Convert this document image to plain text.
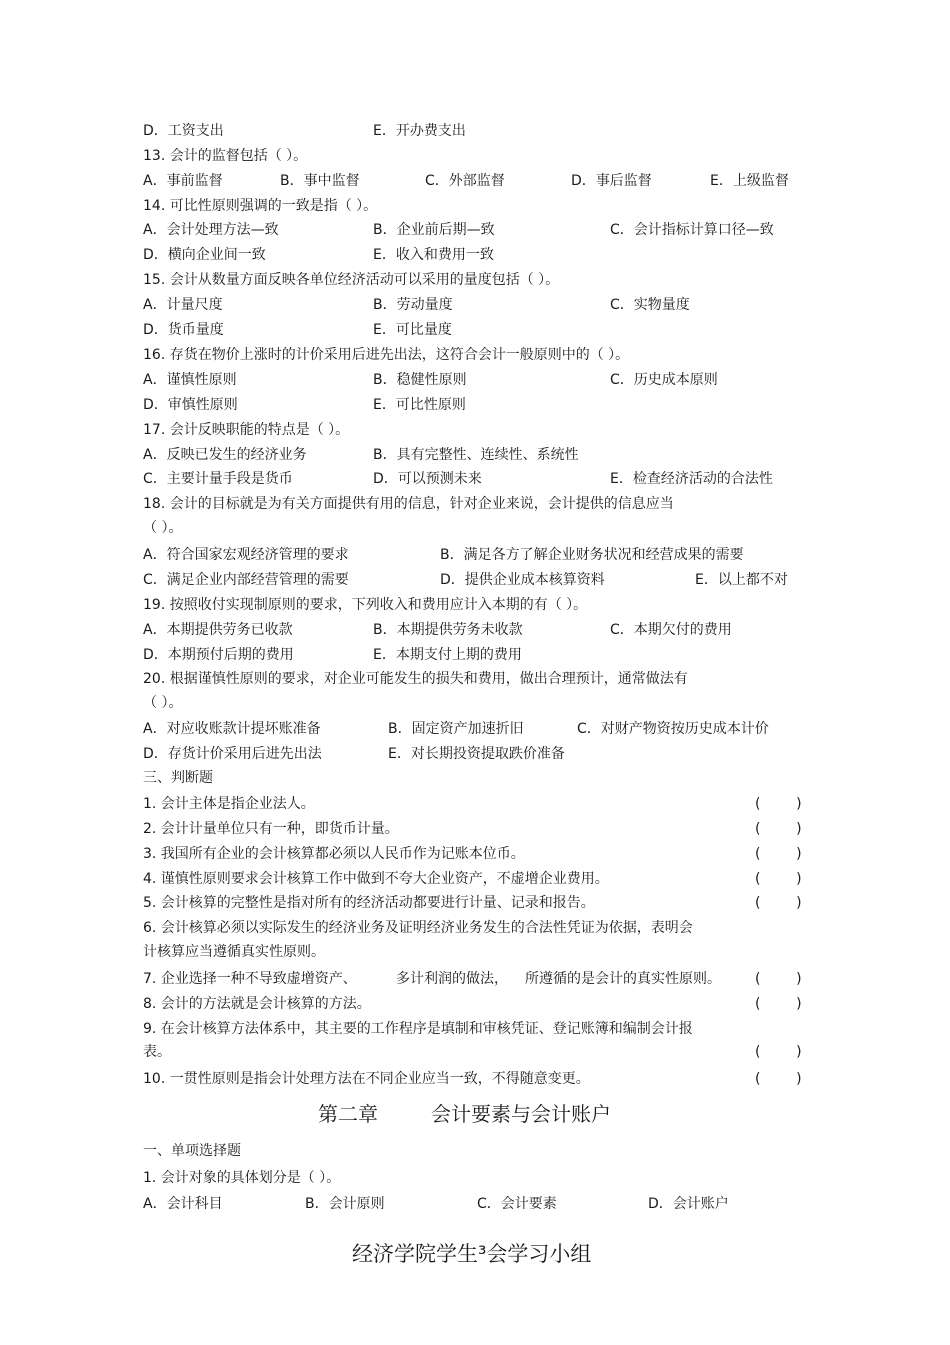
D．工资支出	E．开办费支出
13. 会计的监督包括（ ）。
A．事前监督	B．事中监督	C．外部监督	D．事后监督	E．上级监督
14. 可比性原则强调的一致是指（ ）。
A．会计处理方法—致	B．企业前后期—致	C．会计指标计算口径—致
D．横向企业间一致	E．收入和费用一致
15. 会计从数量方面反映各单位经济活动可以采用的量度包括（ ）。
A．计量尺度	B．劳动量度	C．实物量度
D．货币量度	E．可比量度
16. 存货在物价上涨时的计价采用后进先出法，这符合会计一般原则中的（ ）。
A．谨慎性原则	B．稳健性原则	C．历史成本原则
D．审慎性原则	E．可比性原则
17. 会计反映职能的特点是（ ）。
A．反映已发生的经济业务	B．具有完整性、连续性、系统性
C．主要计量手段是货币	D．可以预测未来	E．检查经济活动的合法性
18. 会计的目标就是为有关方面提供有用的信息，针对企业来说，会计提供的信息应当
（ ）。
A．符合国家宏观经济管理的要求	B．满足各方了解企业财务状况和经营成果的需要
C．满足企业内部经营管理的需要	D．提供企业成本核算资料	E．以上都不对
19. 按照收付实现制原则的要求，下列收入和费用应计入本期的有（ ）。
A．本期提供劳务已收款	B．本期提供劳务未收款	C．本期欠付的费用
D．本期预付后期的费用	E．本期支付上期的费用
20. 根据谨慎性原则的要求，对企业可能发生的损失和费用，做出合理预计，通常做法有
（ ）。
A．对应收账款计提坏账准备	B．固定资产加速折旧	C．对财产物资按历史成本计价
D．存货计价采用后进先出法	E．对长期投资提取跌价准备
三、判断题
1. 会计主体是指企业法人。	(        )
2. 会计计量单位只有一种，即货币计量。	(        )
3. 我国所有企业的会计核算都必须以人民币作为记账本位币。	(        )
4. 谨慎性原则要求会计核算工作中做到不夸大企业资产，不虚增企业费用。	(        )
5. 会计核算的完整性是指对所有的经济活动都要进行计量、记录和报告。	(        )
6. 会计核算必须以实际发生的经济业务及证明经济业务发生的合法性凭证为依据，表明会
计核算应当遵循真实性原则。
7. 企业选择一种不导致虚增资产、	多计利润的做法， 所遵循的是会计的真实性原则。 (        )
8. 会计的方法就是会计核算的方法。	(        )
9. 在会计核算方法体系中，其主要的工作程序是填制和审核凭证、登记账簿和编制会计报
表。	(        )
10. 一贯性原则是指会计处理方法在不同企业应当一致，不得随意变更。	(        )
第二章	会计要素与会计账户
一、单项选择题
1. 会计对象的具体划分是（ ）。
A．会计科目	B．会计原则	C．会计要素	D．会计账户
经济学院学生³会学习小组
